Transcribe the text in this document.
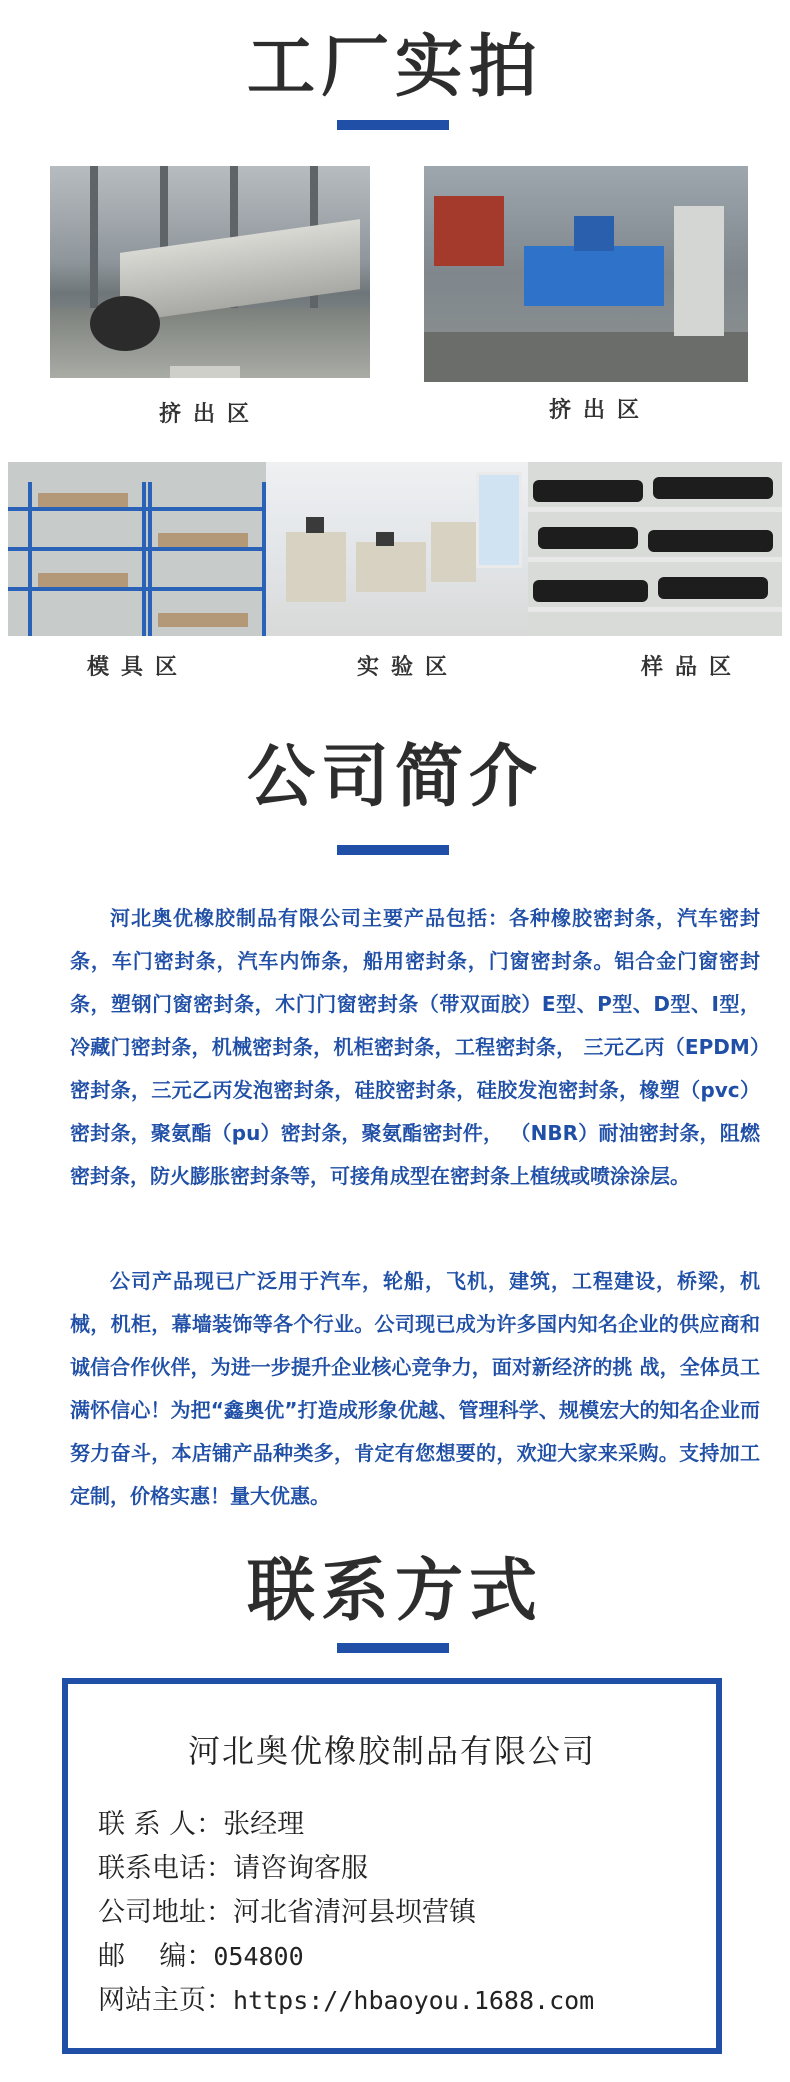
工厂实拍
挤出区	挤出区
模具区	实验区	样品区
公司简介

河北奥优橡胶制品有限公司主要产品包括：各种橡胶密封条，汽车密封条，车门密封条，汽车内饰条，船用密封条，门窗密封条。铝合金门窗密封条，塑钢门窗密封条，木门门窗密封条（带双面胶）E型、P型、D型、I型，冷藏门密封条，机械密封条，机柜密封条，工程密封条， 三元乙丙（EPDM）密封条，三元乙丙发泡密封条，硅胶密封条，硅胶发泡密封条，橡塑（pvc）密封条，聚氨酯（pu）密封条，聚氨酯密封件， （NBR）耐油密封条，阻燃密封条，防火膨胀密封条等，可接角成型在密封条上植绒或喷涂涂层。

公司产品现已广泛用于汽车，轮船，飞机，建筑，工程建设，桥梁，机械，机柜，幕墙装饰等各个行业。公司现已成为许多国内知名企业的供应商和诚信合作伙伴，为进一步提升企业核心竞争力，面对新经济的挑 战，全体员工满怀信心！为把“鑫奥优”打造成形象优越、管理科学、规模宏大的知名企业而努力奋斗，本店铺产品种类多，肯定有您想要的，欢迎大家来采购。支持加工定制，价格实惠！量大优惠。

联系方式
河北奥优橡胶制品有限公司
联 系 人：张经理
联系电话：请咨询客服
公司地址：河北省清河县坝营镇
邮    编：054800
网站主页：https://hbaoyou.1688.com
